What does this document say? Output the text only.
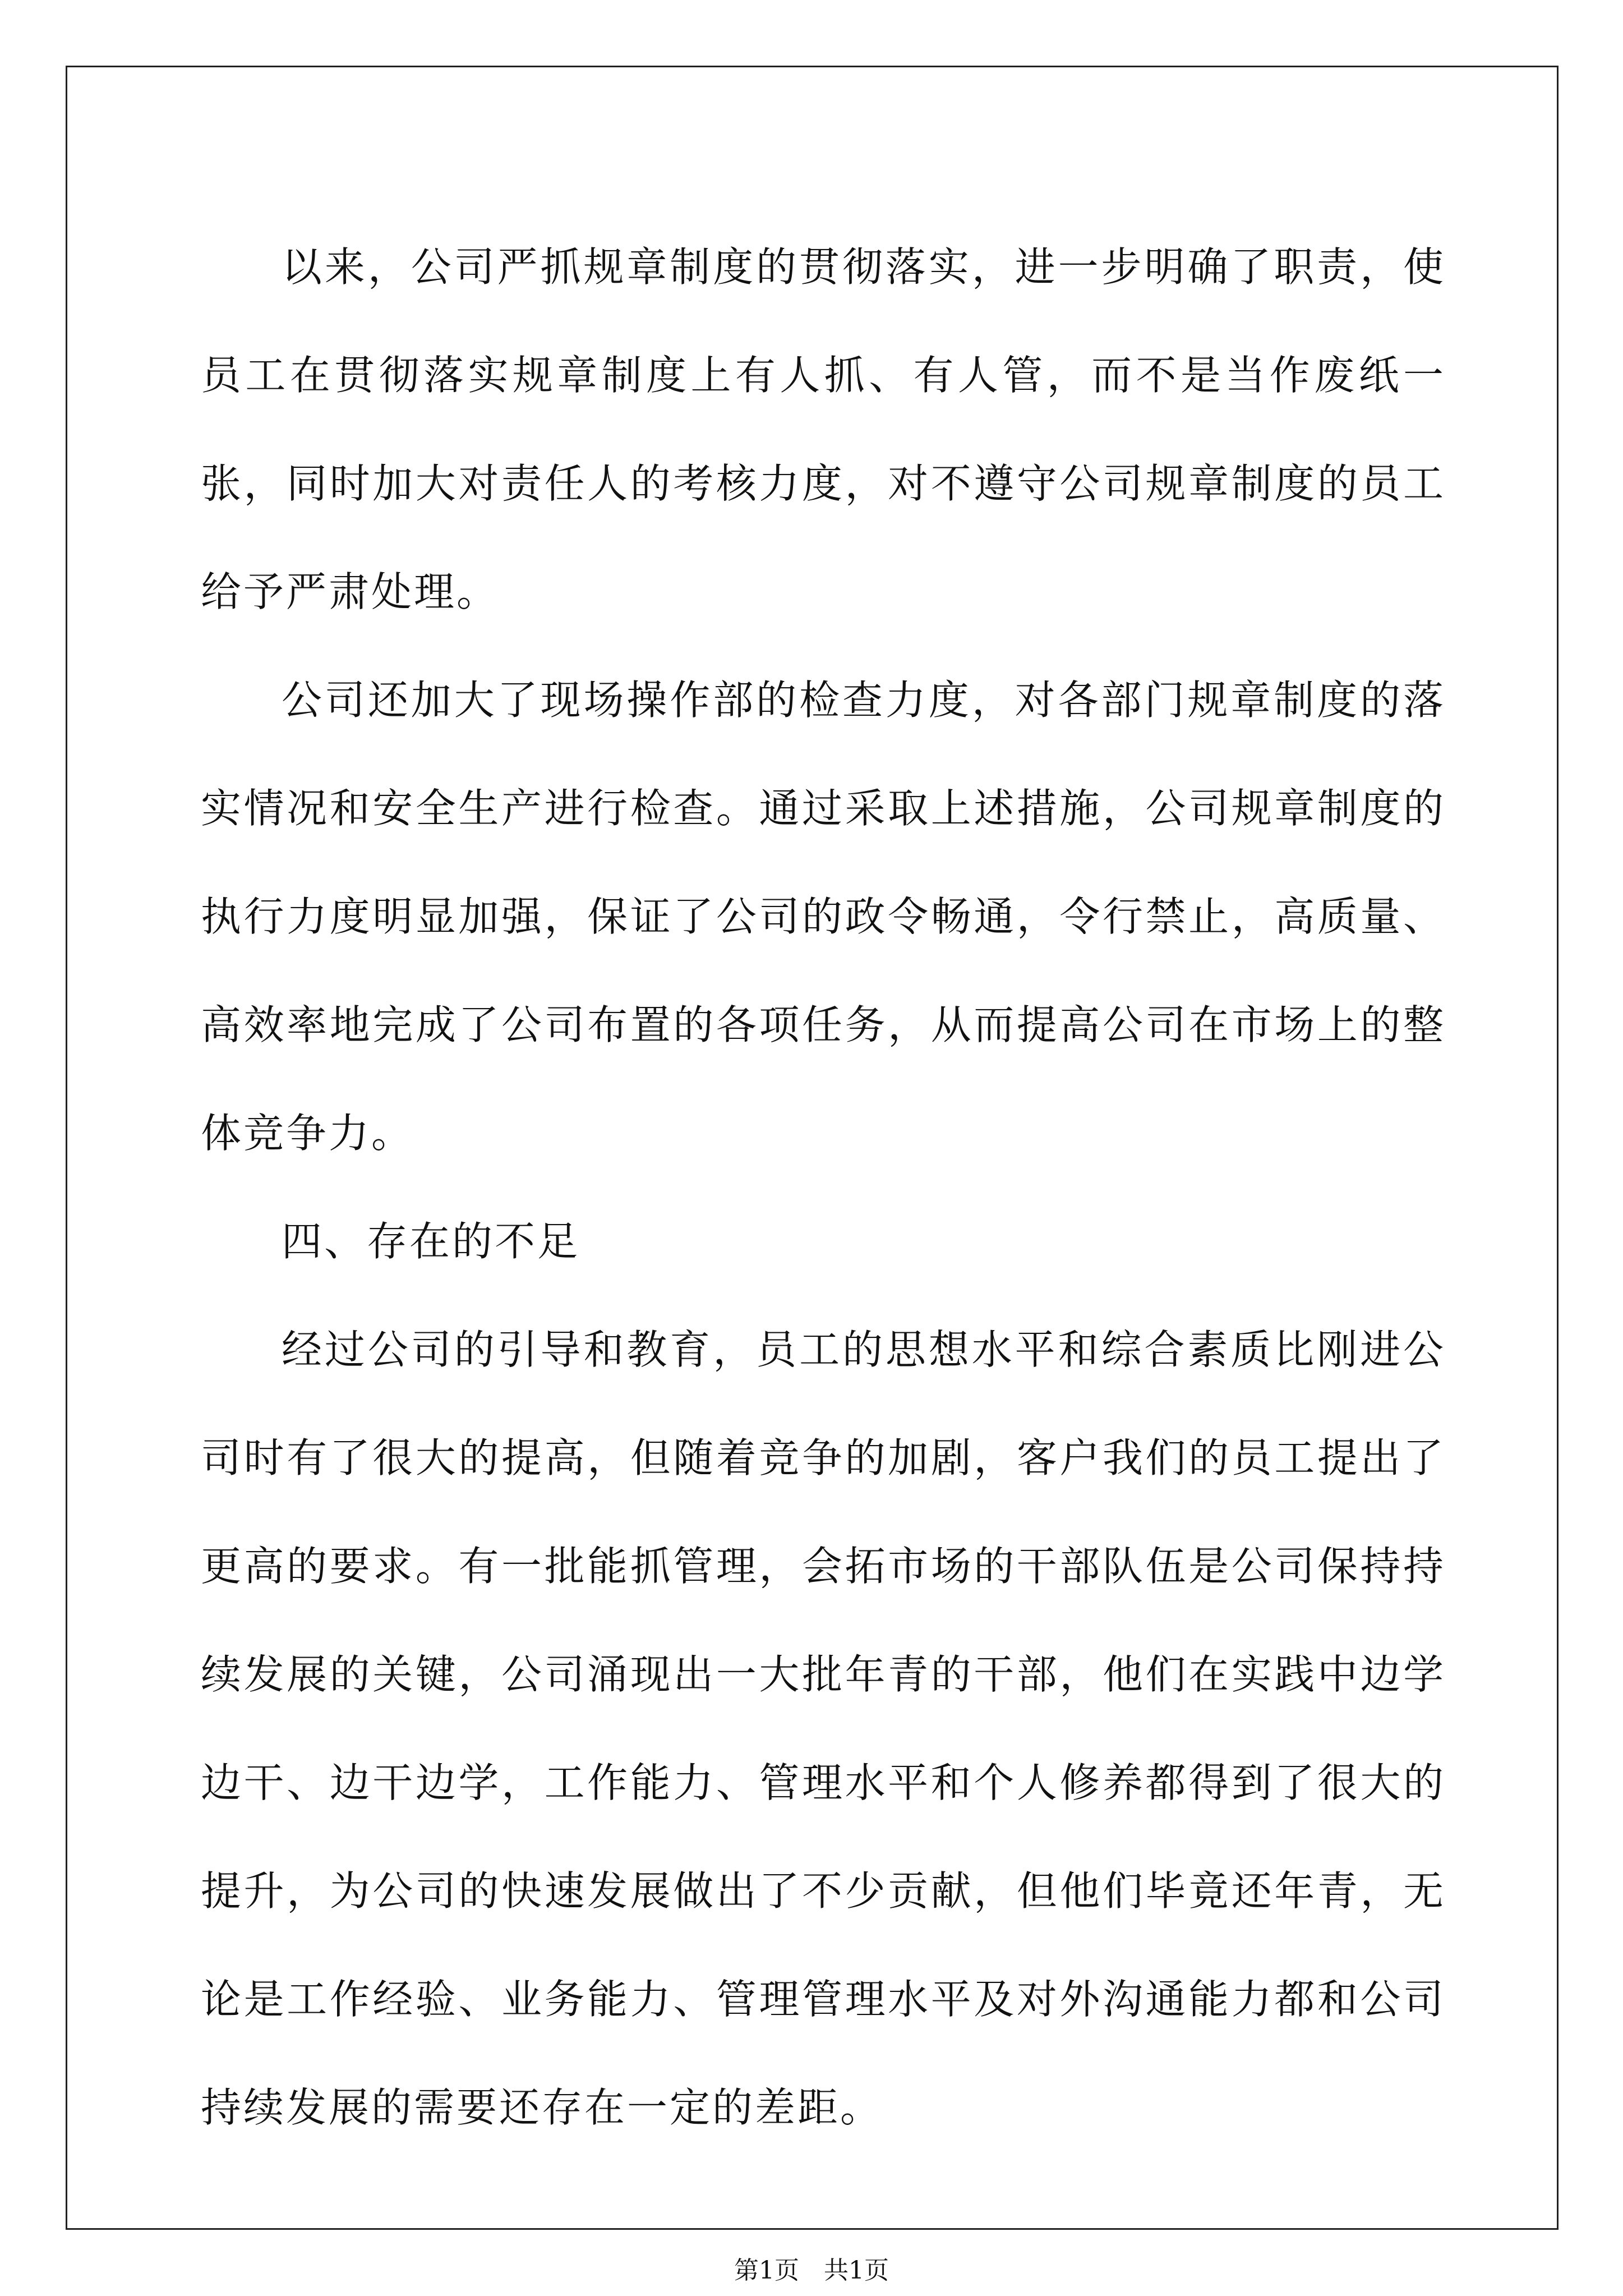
以来，公司严抓规章制度的贯彻落实，进一步明确了职责，使员工在贯彻落实规章制度上有人抓、有人管，而不是当作废纸一张，同时加大对责任人的考核力度，对不遵守公司规章制度的员工给予严肃处理。

公司还加大了现场操作部的检查力度，对各部门规章制度的落实情况和安全生产进行检查。通过采取上述措施，公司规章制度的执行力度明显加强，保证了公司的政令畅通，令行禁止，高质量、高效率地完成了公司布置的各项任务，从而提高公司在市场上的整体竞争力。

四、存在的不足

经过公司的引导和教育，员工的思想水平和综合素质比刚进公司时有了很大的提高，但随着竞争的加剧，客户我们的员工提出了更高的要求。有一批能抓管理，会拓市场的干部队伍是公司保持持续发展的关键，公司涌现出一大批年青的干部，他们在实践中边学边干、边干边学，工作能力、管理水平和个人修养都得到了很大的提升，为公司的快速发展做出了不少贡献，但他们毕竟还年青，无论是工作经验、业务能力、管理管理水平及对外沟通能力都和公司持续发展的需要还存在一定的差距。

第1页　共1页
